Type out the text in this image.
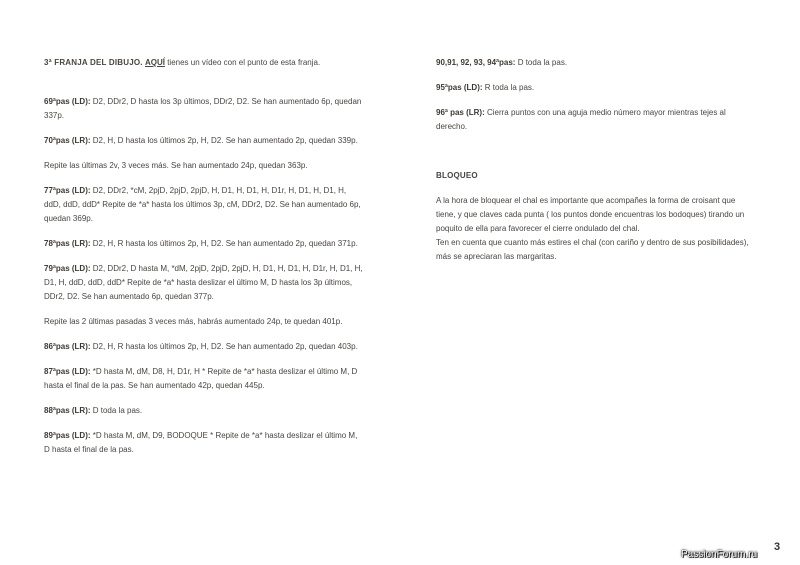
3ª FRANJA DEL DIBUJO. AQUÍ tienes un vídeo con el punto de esta franja.

69ªpas (LD): D2, DDr2, D hasta los 3p últimos, DDr2, D2. Se han aumentado 6p, quedan 337p.

70ªpas (LR): D2, H, D hasta los últimos 2p, H, D2. Se han aumentado 2p, quedan 339p.

Repite las últimas 2v, 3 veces más. Se han aumentado 24p, quedan 363p.

77ªpas (LD): D2, DDr2, *cM, 2pjD, 2pjD, 2pjD, H, D1, H, D1, H, D1r, H, D1, H, D1, H, ddD, ddD, ddD* Repite de *a* hasta los últimos 3p, cM, DDr2, D2. Se han aumentado 6p, quedan 369p.

78ªpas (LR): D2, H, R hasta los últimos 2p, H, D2. Se han aumentado 2p, quedan 371p.

79ªpas (LD): D2, DDr2, D hasta M, *dM, 2pjD, 2pjD, 2pjD, H, D1, H, D1, H, D1r, H, D1, H, D1, H, ddD, ddD, ddD* Repite de *a* hasta deslizar el último M, D hasta los 3p últimos, DDr2, D2. Se han aumentado 6p, quedan 377p.

Repite las 2 últimas pasadas 3 veces más, habrás aumentado 24p, te quedan 401p.

86ªpas (LR): D2, H, R hasta los últimos 2p, H, D2. Se han aumentado 2p, quedan 403p.

87ªpas (LD): *D hasta M, dM, D8, H, D1r, H * Repite de *a* hasta deslizar el último M, D hasta el final de la pas. Se han aumentado 42p, quedan 445p.

88ªpas (LR): D toda la pas.

89ªpas (LD): *D hasta M, dM, D9, BODOQUE * Repite de *a* hasta deslizar el último M, D hasta el final de la pas.

90,91, 92, 93, 94ªpas: D toda la pas.

95ªpas (LD): R toda la pas.

96ª pas (LR): Cierra puntos con una aguja medio número mayor mientras tejes al derecho.

BLOQUEO

A la hora de bloquear el chal es importante que acompañes la forma de croisant que tiene, y que claves cada punta ( los puntos donde encuentras los bodoques) tirando un poquito de ella para favorecer el cierre ondulado del chal.
Ten en cuenta que cuanto más estires el chal (con cariño y dentro de sus posibilidades), más se apreciaran las margaritas.

3
PassionForum.ru
